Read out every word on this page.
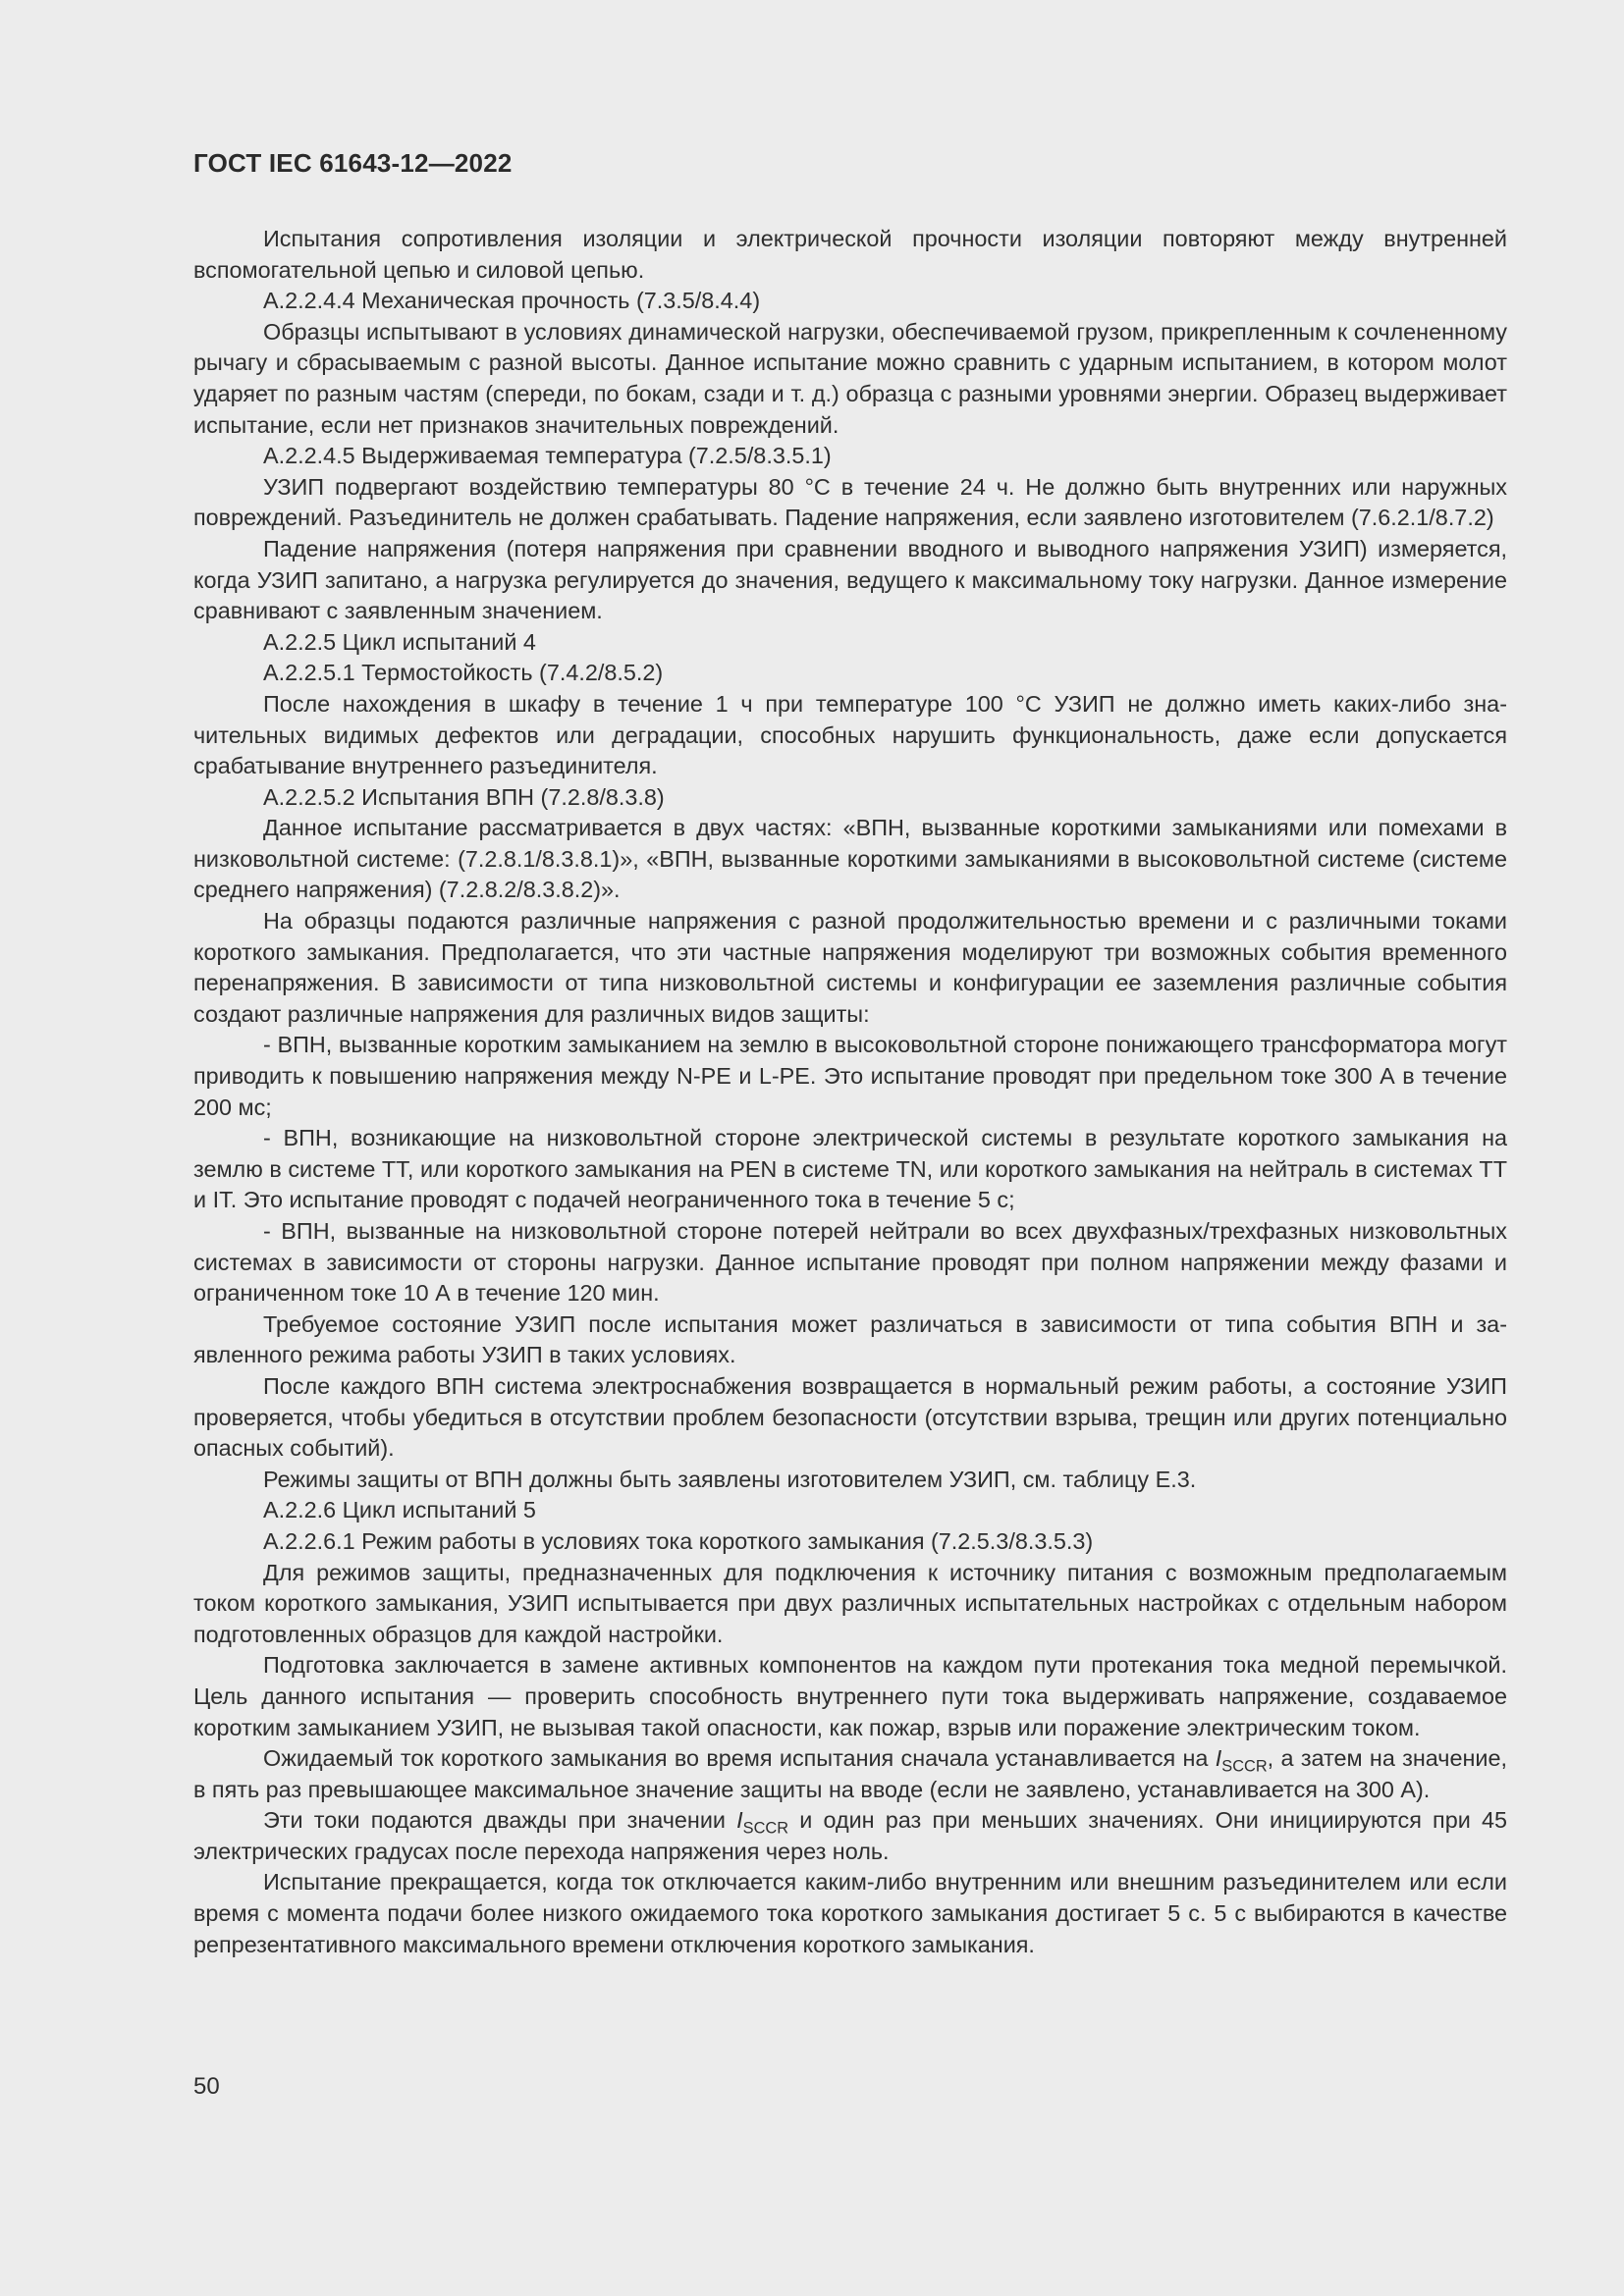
ГОСТ IEC 61643-12—2022

Испытания сопротивления изоляции и электрической прочности изоляции повторяют между внутренней вспомогательной цепью и силовой цепью.

A.2.2.4.4 Механическая прочность (7.3.5/8.4.4)

Образцы испытывают в условиях динамической нагрузки, обеспечиваемой грузом, прикрепленным к сочлененному рычагу и сбрасываемым с разной высоты. Данное испытание можно сравнить с ударным испытанием, в котором молот ударяет по разным частям (спереди, по бокам, сзади и т. д.) образца с разными уровнями энергии. Образец выдерживает испытание, если нет признаков значительных повреждений.

A.2.2.4.5 Выдерживаемая температура (7.2.5/8.3.5.1)

УЗИП подвергают воздействию температуры 80 °C в течение 24 ч. Не должно быть внутренних или наружных повреждений. Разъединитель не должен срабатывать. Падение напряжения, если заявлено изготовителем (7.6.2.1/8.7.2)

Падение напряжения (потеря напряжения при сравнении вводного и выводного напряжения УЗИП) измеряется, когда УЗИП запитано, а нагрузка регулируется до значения, ведущего к максимальному току нагрузки. Данное измерение сравнивают с заявленным значением.

A.2.2.5 Цикл испытаний 4

A.2.2.5.1 Термостойкость (7.4.2/8.5.2)

После нахождения в шкафу в течение 1 ч при температуре 100 °C УЗИП не должно иметь каких-либо значительных видимых дефектов или деградации, способных нарушить функциональность, даже если допускается срабатывание внутреннего разъединителя.

A.2.2.5.2 Испытания ВПН (7.2.8/8.3.8)

Данное испытание рассматривается в двух частях: «ВПН, вызванные короткими замыканиями или помехами в низковольтной системе: (7.2.8.1/8.3.8.1)», «ВПН, вызванные короткими замыканиями в высоковольтной системе (системе среднего напряжения) (7.2.8.2/8.3.8.2)».

На образцы подаются различные напряжения с разной продолжительностью времени и с различными токами короткого замыкания. Предполагается, что эти частные напряжения моделируют три возможных события временного перенапряжения. В зависимости от типа низковольтной системы и конфигурации ее заземления различные события создают различные напряжения для различных видов защиты:

- ВПН, вызванные коротким замыканием на землю в высоковольтной стороне понижающего трансформатора могут приводить к повышению напряжения между N-PE и L-PE. Это испытание проводят при предельном токе 300 А в течение 200 мс;

- ВПН, возникающие на низковольтной стороне электрической системы в результате короткого замыкания на землю в системе TT, или короткого замыкания на PEN в системе TN, или короткого замыкания на нейтраль в системах TT и IT. Это испытание проводят с подачей неограниченного тока в течение 5 с;

- ВПН, вызванные на низковольтной стороне потерей нейтрали во всех двухфазных/трехфазных низковольтных системах в зависимости от стороны нагрузки. Данное испытание проводят при полном напряжении между фазами и ограниченном токе 10 А в течение 120 мин.

Требуемое состояние УЗИП после испытания может различаться в зависимости от типа события ВПН и заявленного режима работы УЗИП в таких условиях.

После каждого ВПН система электроснабжения возвращается в нормальный режим работы, а состояние УЗИП проверяется, чтобы убедиться в отсутствии проблем безопасности (отсутствии взрыва, трещин или других потенциально опасных событий).

Режимы защиты от ВПН должны быть заявлены изготовителем УЗИП, см. таблицу E.3.

A.2.2.6 Цикл испытаний 5

A.2.2.6.1 Режим работы в условиях тока короткого замыкания (7.2.5.3/8.3.5.3)

Для режимов защиты, предназначенных для подключения к источнику питания с возможным предполагаемым током короткого замыкания, УЗИП испытывается при двух различных испытательных настройках с отдельным набором подготовленных образцов для каждой настройки.

Подготовка заключается в замене активных компонентов на каждом пути протекания тока медной перемычкой. Цель данного испытания — проверить способность внутреннего пути тока выдерживать напряжение, создаваемое коротким замыканием УЗИП, не вызывая такой опасности, как пожар, взрыв или поражение электрическим током.

Ожидаемый ток короткого замыкания во время испытания сначала устанавливается на $I_{SCCR}$, а затем на значение, в пять раз превышающее максимальное значение защиты на вводе (если не заявлено, устанавливается на 300 А).

Эти токи подаются дважды при значении $I_{SCCR}$ и один раз при меньших значениях. Они инициируются при 45 электрических градусах после перехода напряжения через ноль.

Испытание прекращается, когда ток отключается каким-либо внутренним или внешним разъединителем или если время с момента подачи более низкого ожидаемого тока короткого замыкания достигает 5 с. 5 с выбираются в качестве репрезентативного максимального времени отключения короткого замыкания.

50
